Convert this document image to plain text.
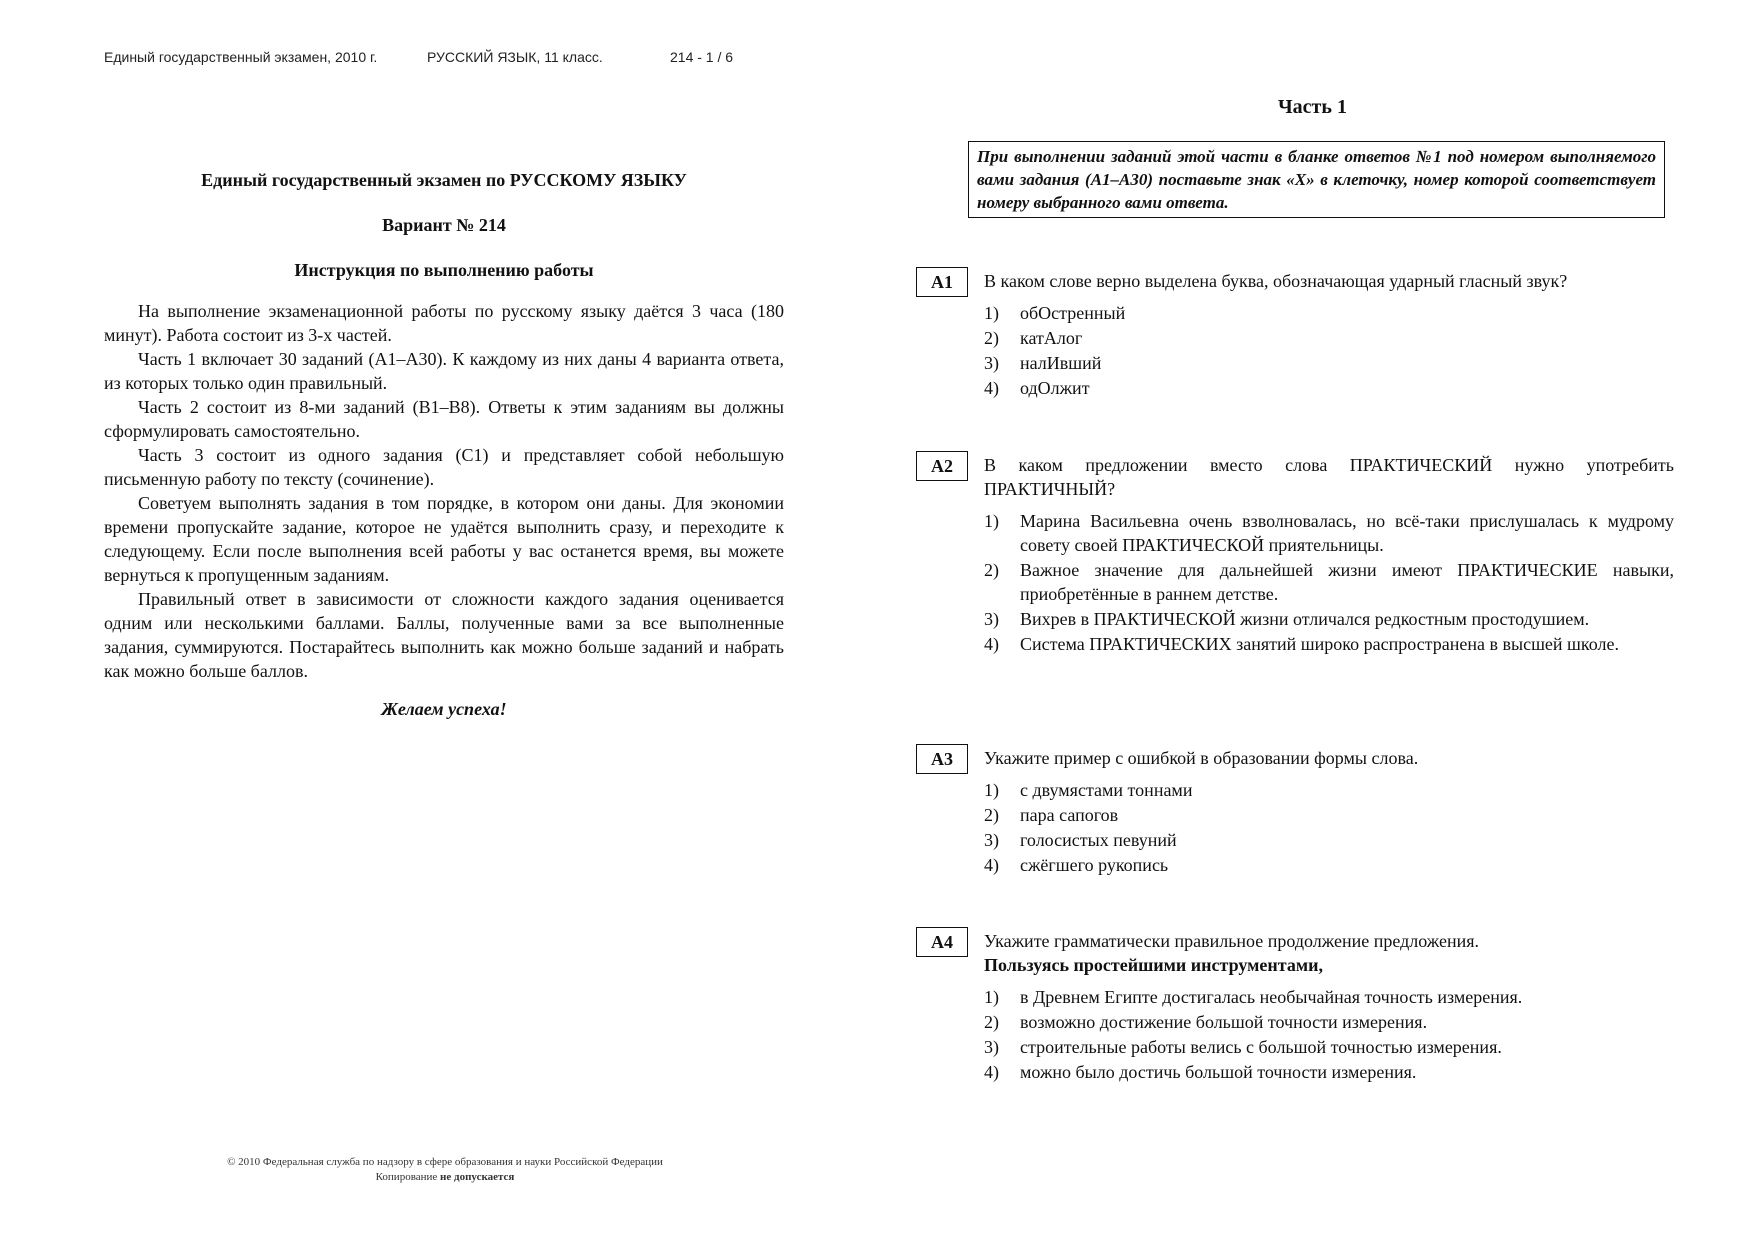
Единый государственный экзамен, 2010 г.	РУССКИЙ ЯЗЫК, 11 класс.	214 - 1 / 6
Единый государственный экзамен по РУССКОМУ ЯЗЫКУ
Вариант № 214
Инструкция по выполнению работы

На выполнение экзаменационной работы по русскому языку даётся 3 часа (180 минут). Работа состоит из 3-х частей.

Часть 1 включает 30 заданий (А1–А30). К каждому из них даны 4 варианта ответа, из которых только один правильный.

Часть 2 состоит из 8-ми заданий (В1–В8). Ответы к этим заданиям вы должны сформулировать самостоятельно.

Часть 3 состоит из одного задания (С1) и представляет собой небольшую письменную работу по тексту (сочинение).

Советуем выполнять задания в том порядке, в котором они даны. Для экономии времени пропускайте задание, которое не удаётся выполнить сразу, и переходите к следующему. Если после выполнения всей работы у вас останется время, вы можете вернуться к пропущенным заданиям.

Правильный ответ в зависимости от сложности каждого задания оценивается одним или несколькими баллами. Баллы, полученные вами за все выполненные задания, суммируются. Постарайтесь выполнить как можно больше заданий и набрать как можно больше баллов.

Желаем успеха!
© 2010 Федеральная служба по надзору в сфере образования и науки Российской Федерации
Копирование не допускается
Часть 1
При выполнении заданий этой части в бланке ответов №1 под номером выполняемого вами задания (А1–А30) поставьте знак «Х» в клеточку, номер которой соответствует номеру выбранного вами ответа.
А1	В каком слове верно выделена буква, обозначающая ударный гласный звук?
1)	обОстренный
2)	катАлог
3)	налИвший
4)	одОлжит
А2	В каком предложении вместо слова ПРАКТИЧЕСКИЙ нужно употребить ПРАКТИЧНЫЙ?
1)	Марина Васильевна очень взволновалась, но всё-таки прислушалась к мудрому совету своей ПРАКТИЧЕСКОЙ приятельницы.
2)	Важное значение для дальнейшей жизни имеют ПРАКТИЧЕСКИЕ навыки, приобретённые в раннем детстве.
3)	Вихрев в ПРАКТИЧЕСКОЙ жизни отличался редкостным простодушием.
4)	Система ПРАКТИЧЕСКИХ занятий широко распространена в высшей школе.
А3	Укажите пример с ошибкой в образовании формы слова.
1)	с двумястами тоннами
2)	пара сапогов
3)	голосистых певуний
4)	сжёгшего рукопись
А4	Укажите грамматически правильное продолжение предложения.
Пользуясь простейшими инструментами,
1)	в Древнем Египте достигалась необычайная точность измерения.
2)	возможно достижение большой точности измерения.
3)	строительные работы велись с большой точностью измерения.
4)	можно было достичь большой точности измерения.
